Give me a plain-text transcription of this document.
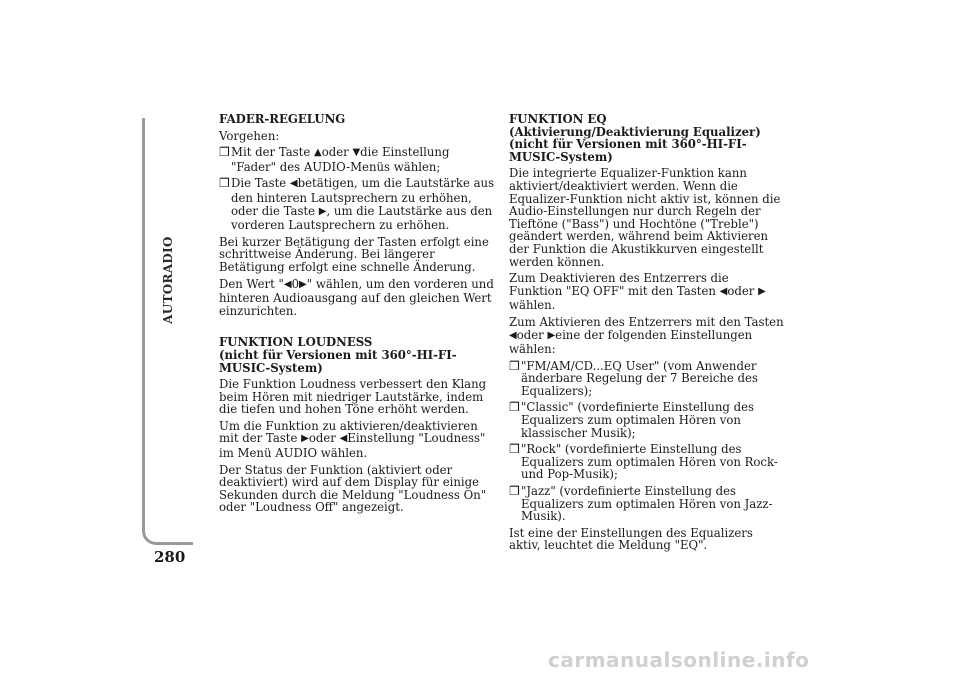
AUTORADIO
280
FADER-REGELUNG

Vorgehen:

❒ Mit der Taste ▲oder ▼die Einstellung "Fader" des AUDIO-Menüs wählen;
❒ Die Taste ◀betätigen, um die Lautstärke aus den hinteren Lautsprechern zu erhöhen, oder die Taste ▶, um die Lautstärke aus den vorderen Lautsprechern zu erhöhen.

Bei kurzer Betätigung der Tasten erfolgt eine schrittweise Änderung. Bei längerer Betätigung erfolgt eine schnelle Änderung.

Den Wert "◀0▶" wählen, um den vorderen und hinteren Audioausgang auf den gleichen Wert einzurichten.

FUNKTION LOUDNESS
(nicht für Versionen mit 360°-HI-FI-MUSIC-System)

Die Funktion Loudness verbessert den Klang beim Hören mit niedriger Lautstärke, indem die tiefen und hohen Töne erhöht werden.

Um die Funktion zu aktivieren/deaktivieren mit der Taste ▶oder ◀Einstellung "Loudness" im Menü AUDIO wählen.

Der Status der Funktion (aktiviert oder deaktiviert) wird auf dem Display für einige Sekunden durch die Meldung "Loudness On" oder "Loudness Off" angezeigt.

FUNKTION EQ
(Aktivierung/Deaktivierung Equalizer)
(nicht für Versionen mit 360°-HI-FI-MUSIC-System)

Die integrierte Equalizer-Funktion kann aktiviert/deaktiviert werden. Wenn die Equalizer-Funktion nicht aktiv ist, können die Audio-Einstellungen nur durch Regeln der Tieftöne ("Bass") und Hochtöne ("Treble") geändert werden, während beim Aktivieren der Funktion die Akustikkurven eingestellt werden können.

Zum Deaktivieren des Entzerrers die Funktion "EQ OFF" mit den Tasten ◀oder ▶wählen.

Zum Aktivieren des Entzerrers mit den Tasten ◀oder ▶eine der folgenden Einstellungen wählen:

❒ "FM/AM/CD...EQ User" (vom Anwender änderbare Regelung der 7 Bereiche des Equalizers);
❒ "Classic" (vordefinierte Einstellung des Equalizers zum optimalen Hören von klassischer Musik);
❒ "Rock" (vordefinierte Einstellung des Equalizers zum optimalen Hören von Rock- und Pop-Musik);
❒ "Jazz" (vordefinierte Einstellung des Equalizers zum optimalen Hören von Jazz-Musik).

Ist eine der Einstellungen des Equalizers aktiv, leuchtet die Meldung "EQ".

carmanualsonline.info
